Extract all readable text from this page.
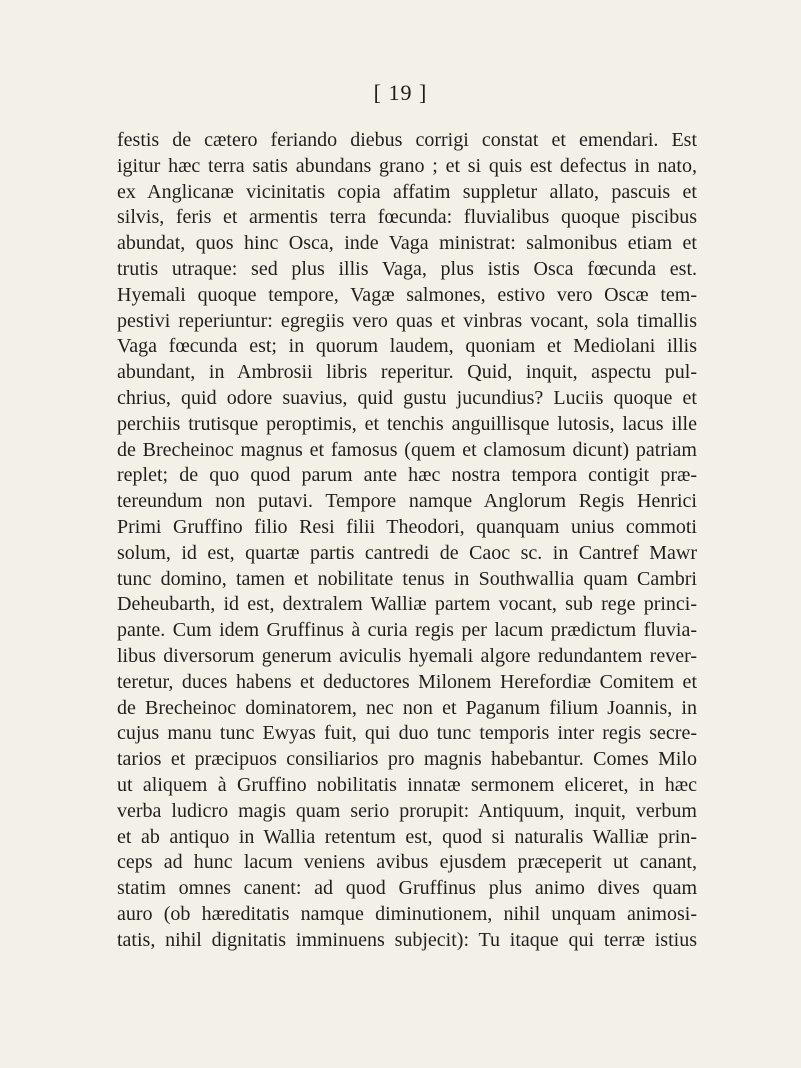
[ 19 ]
festis de cætero feriando diebus corrigi constat et emendari. Est
igitur hæc terra satis abundans grano ; et si quis est defectus in nato,
ex Anglicanæ vicinitatis copia affatim suppletur allato, pascuis et
silvis, feris et armentis terra fœcunda: fluvialibus quoque piscibus
abundat, quos hinc Osca, inde Vaga ministrat: salmonibus etiam et
trutis utraque: sed plus illis Vaga, plus istis Osca fœcunda est.
Hyemali quoque tempore, Vagæ salmones, estivo vero Oscæ tem-
pestivi reperiuntur: egregiis vero quas et vinbras vocant, sola timallis
Vaga fœcunda est; in quorum laudem, quoniam et Mediolani illis
abundant, in Ambrosii libris reperitur. Quid, inquit, aspectu pul-
chrius, quid odore suavius, quid gustu jucundius? Luciis quoque et
perchiis trutisque peroptimis, et tenchis anguillisque lutosis, lacus ille
de Brecheinoc magnus et famosus (quem et clamosum dicunt) patriam
replet; de quo quod parum ante hæc nostra tempora contigit præ-
tereundum non putavi. Tempore namque Anglorum Regis Henrici
Primi Gruffino filio Resi filii Theodori, quanquam unius commoti
solum, id est, quartæ partis cantredi de Caoc sc. in Cantref Mawr
tunc domino, tamen et nobilitate tenus in Southwallia quam Cambri
Deheubarth, id est, dextralem Walliæ partem vocant, sub rege princi-
pante. Cum idem Gruffinus à curia regis per lacum prædictum fluvia-
libus diversorum generum aviculis hyemali algore redundantem rever-
teretur, duces habens et deductores Milonem Herefordiæ Comitem et
de Brecheinoc dominatorem, nec non et Paganum filium Joannis, in
cujus manu tunc Ewyas fuit, qui duo tunc temporis inter regis secre-
tarios et præcipuos consiliarios pro magnis habebantur. Comes Milo
ut aliquem à Gruffino nobilitatis innatæ sermonem eliceret, in hæc
verba ludicro magis quam serio prorupit: Antiquum, inquit, verbum
et ab antiquo in Wallia retentum est, quod si naturalis Walliæ prin-
ceps ad hunc lacum veniens avibus ejusdem præceperit ut canant,
statim omnes canent: ad quod Gruffinus plus animo dives quam
auro (ob hæreditatis namque diminutionem, nihil unquam animosi-
tatis, nihil dignitatis imminuens subjecit): Tu itaque qui terræ istius
